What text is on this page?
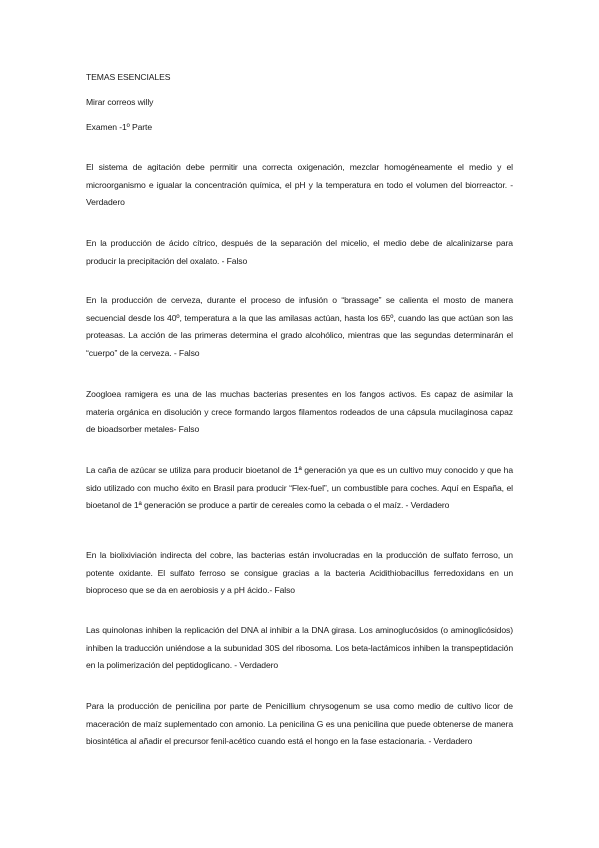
TEMAS ESENCIALES
Mirar correos willy
Examen -1º Parte
El sistema de agitación debe permitir una correcta oxigenación, mezclar homogéneamente el medio y el microorganismo e igualar la concentración química, el pH y la temperatura en todo el volumen del biorreactor. - Verdadero
En la producción de ácido cítrico, después de la separación del micelio, el medio debe de alcalinizarse para producir la precipitación del oxalato. - Falso
En la producción de cerveza, durante el proceso de infusión o “brassage” se calienta el mosto de manera secuencial desde los 40º, temperatura a la que las amilasas actúan, hasta los 65º, cuando las que actúan son las proteasas. La acción de las primeras determina el grado alcohólico, mientras que las segundas determinarán el “cuerpo” de la cerveza. - Falso
Zoogloea ramigera es una de las muchas bacterias presentes en los fangos activos. Es capaz de asimilar la materia orgánica en disolución y crece formando largos filamentos rodeados de una cápsula mucilaginosa capaz de bioadsorber metales- Falso
La caña de azúcar se utiliza para producir bioetanol de 1ª generación ya que es un cultivo muy conocido y que ha sido utilizado con mucho éxito en Brasil para producir “Flex-fuel”, un combustible para coches. Aquí en España, el bioetanol de 1ª generación se produce a partir de cereales como la cebada o el maíz. - Verdadero
En la biolixiviación indirecta del cobre, las bacterias están involucradas en la producción de sulfato ferroso, un potente oxidante. El sulfato ferroso se consigue gracias a la bacteria Acidithiobacillus ferredoxidans en un bioproceso que se da en aerobiosis y a pH ácido.- Falso
Las quinolonas inhiben la replicación del DNA al inhibir a la DNA girasa. Los aminoglucósidos (o aminoglicósidos) inhiben la traducción uniéndose a la subunidad 30S del ribosoma. Los beta-lactámicos inhiben la transpeptidación en la polimerización del peptidoglicano. - Verdadero
Para la producción de penicilina por parte de Penicillium chrysogenum se usa como medio de cultivo licor de maceración de maíz suplementado con amonio. La penicilina G es una penicilina que puede obtenerse de manera biosintética al añadir el precursor fenil-acético cuando está el hongo en la fase estacionaria. - Verdadero
